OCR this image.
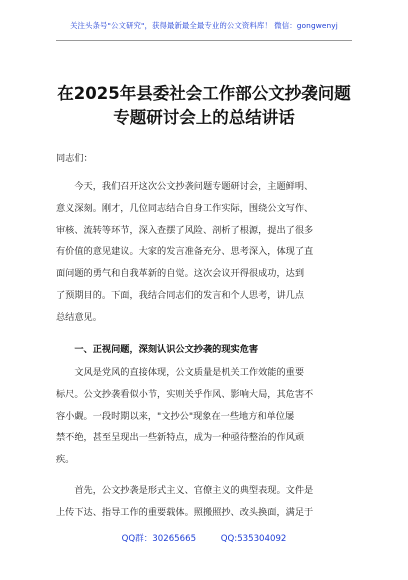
关注头条号"公文研究"，获得最新最全最专业的公文资料库！ 微信：gongwenyj
在2025年县委社会工作部公文抄袭问题
专题研讨会上的总结讲话
同志们：
　　今天，我们召开这次公文抄袭问题专题研讨会，主题鲜明、
意义深刻。刚才，几位同志结合自身工作实际，围绕公文写作、
审核、流转等环节，深入查摆了风险、剖析了根源，提出了很多
有价值的意见建议。大家的发言准备充分、思考深入，体现了直
面问题的勇气和自我革新的自觉。这次会议开得很成功，达到
了预期目的。下面，我结合同志们的发言和个人思考，讲几点
总结意见。
　　一、正视问题，深刻认识公文抄袭的现实危害
　　文风是党风的直接体现，公文质量是机关工作效能的重要
标尺。公文抄袭看似小节，实则关乎作风、影响大局，其危害不
容小觑。一段时期以来，"文抄公"现象在一些地方和单位屡
禁不绝，甚至呈现出一些新特点，成为一种亟待整治的作风顽
疾。
　　首先，公文抄袭是形式主义、官僚主义的典型表现。文件是
上传下达、指导工作的重要载体。照搬照抄、改头换面，满足于
QQ群：30265665 QQ:535304092
